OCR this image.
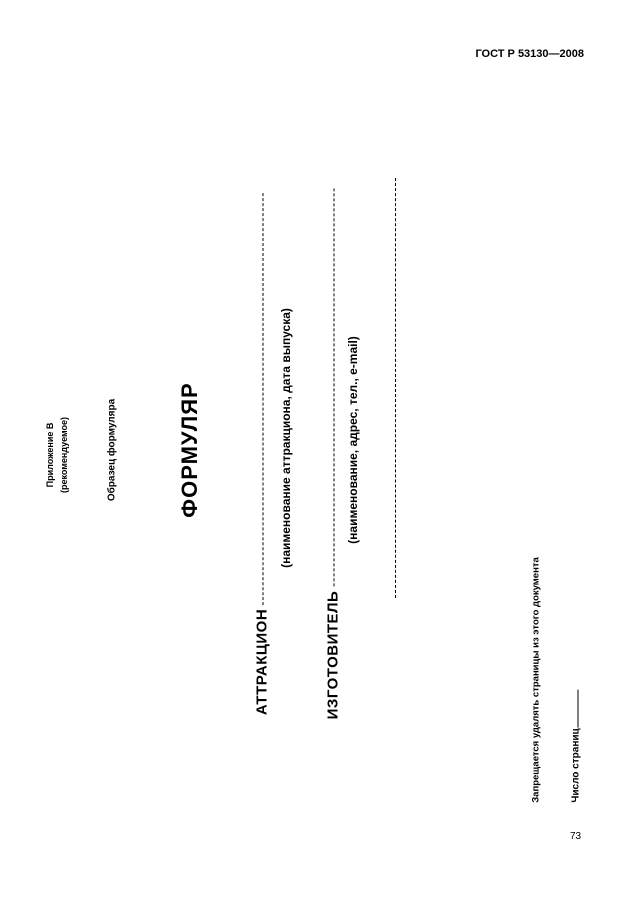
ГОСТ Р 53130—2008
Приложение В (рекомендуемое)	Образец формуляра	ФОРМУЛЯР
АТТРАКЦИОН
(наименование аттракциона, дата выпуска)
ИЗГОТОВИТЕЛЬ
(наименование, адрес, тел., e-mail)
Запрещается удалять страницы из этого документа	Число страниц
73
